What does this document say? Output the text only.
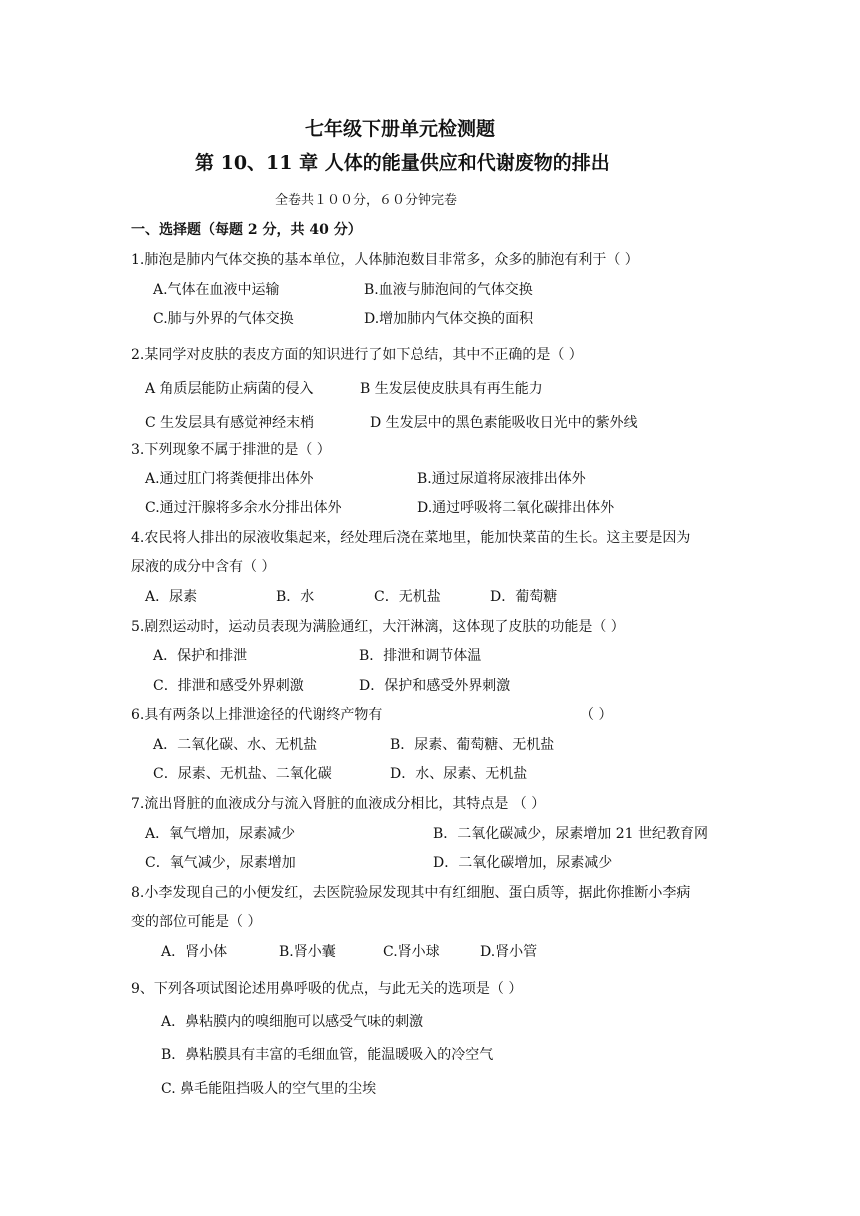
七年级下册单元检测题
第 10、11 章 人体的能量供应和代谢废物的排出
全卷共１００分，６０分钟完卷
一、选择题（每题 2 分，共 40 分）
1.肺泡是肺内气体交换的基本单位，人体肺泡数目非常多，众多的肺泡有利于（ ）
A.气体在血液中运输	B.血液与肺泡间的气体交换
C.肺与外界的气体交换	D.增加肺内气体交换的面积
2.某同学对皮肤的表皮方面的知识进行了如下总结，其中不正确的是（ ）
A 角质层能防止病菌的侵入	B 生发层使皮肤具有再生能力
C 生发层具有感觉神经末梢	D 生发层中的黑色素能吸收日光中的紫外线
3.下列现象不属于排泄的是（ ）
A.通过肛门将粪便排出体外	B.通过尿道将尿液排出体外
C.通过汗腺将多余水分排出体外	D.通过呼吸将二氧化碳排出体外
4.农民将人排出的尿液收集起来，经处理后浇在菜地里，能加快菜苗的生长。这主要是因为
尿液的成分中含有（ ）
A．尿素	B．水	C．无机盐	D．葡萄糖
5.剧烈运动时，运动员表现为满脸通红，大汗淋漓，这体现了皮肤的功能是（ ）
A．保护和排泄	B．排泄和调节体温
C．排泄和感受外界刺激	D．保护和感受外界刺激
6.具有两条以上排泄途径的代谢终产物有	（ ）
A．二氧化碳、水、无机盐	B．尿素、葡萄糖、无机盐
C．尿素、无机盐、二氧化碳	D．水、尿素、无机盐
7.流出肾脏的血液成分与流入肾脏的血液成分相比，其特点是 （ ）
A．氧气增加，尿素减少	B．二氧化碳减少，尿素增加 21 世纪教育网
C．氧气减少，尿素增加	D．二氧化碳增加，尿素减少
8.小李发现自己的小便发红，去医院验尿发现其中有红细胞、蛋白质等，据此你推断小李病
变的部位可能是（ ）
A．肾小体	B.肾小囊	C.肾小球	D.肾小管
9、下列各项试图论述用鼻呼吸的优点，与此无关的选项是（ ）
A．鼻粘膜内的嗅细胞可以感受气味的刺激
B．鼻粘膜具有丰富的毛细血管，能温暖吸入的冷空气
C. 鼻毛能阻挡吸人的空气里的尘埃
